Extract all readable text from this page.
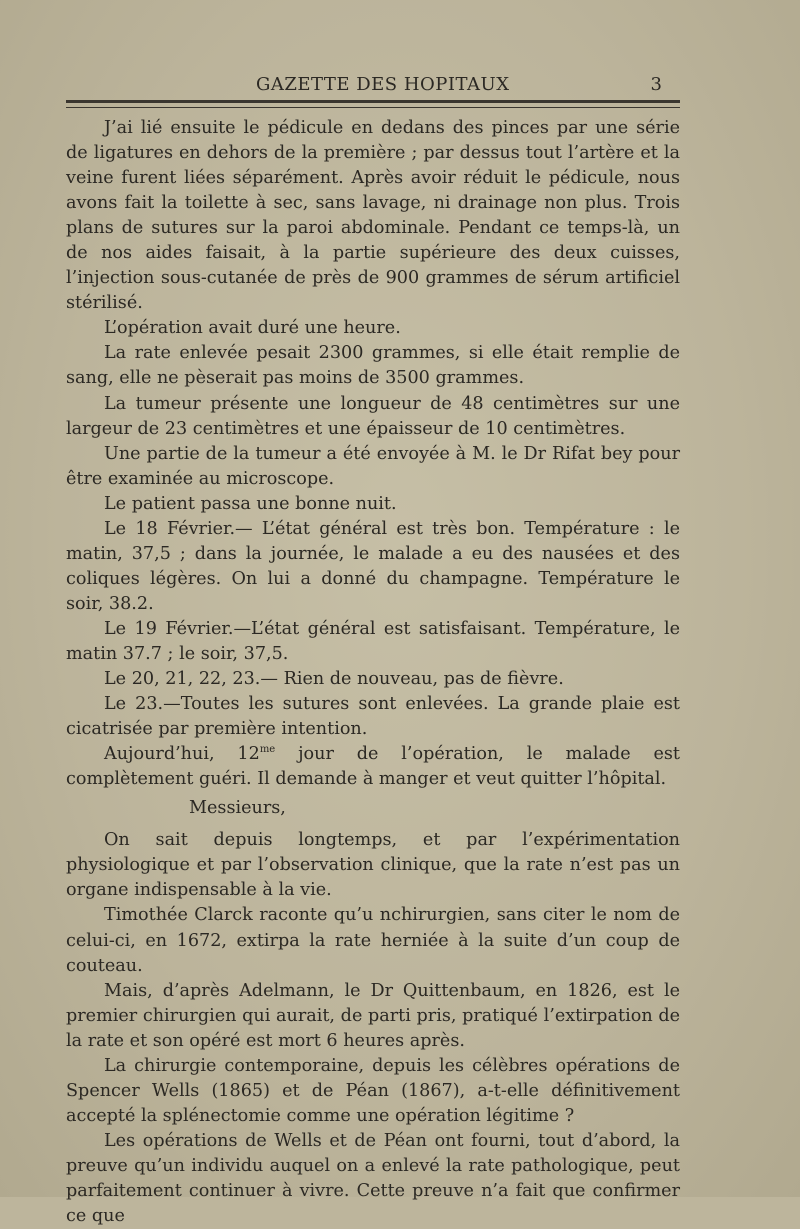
GAZETTE DES HOPITAUX	3

J’ai lié ensuite le pédicule en dedans des pinces par une série de ligatures en dehors de la première ; par dessus tout l’artère et la veine furent liées séparément. Après avoir réduit le pédicule, nous avons fait la toilette à sec, sans lavage, ni drainage non plus. Trois plans de sutures sur la paroi abdominale. Pendant ce temps-là, un de nos aides faisait, à la partie supérieure des deux cuisses, l’injection sous-cutanée de près de 900 grammes de sérum artificiel stérilisé.

L’opération avait duré une heure.

La rate enlevée pesait 2300 grammes, si elle était remplie de sang, elle ne pèserait pas moins de 3500 grammes.

La tumeur présente une longueur de 48 centimètres sur une largeur de 23 centimètres et une épaisseur de 10 centimètres.

Une partie de la tumeur a été envoyée à M. le Dr Rifat bey pour être examinée au microscope.

Le patient passa une bonne nuit.

Le 18 Février.— L’état général est très bon. Température : le matin, 37,5 ; dans la journée, le malade a eu des nausées et des coliques légères. On lui a donné du champagne. Température le soir, 38.2.

Le 19 Février.—L’état général est satisfaisant. Température, le matin 37.7 ; le soir, 37,5.

Le 20, 21, 22, 23.— Rien de nouveau, pas de fièvre.

Le 23.—Toutes les sutures sont enlevées. La grande plaie est cicatrisée par première intention.

Aujourd’hui, $12^{me}$ jour de l’opération, le malade est complètement guéri. Il demande à manger et veut quitter l’hôpital.

Messieurs,

On sait depuis longtemps, et par l’expérimentation physiologique et par l’observation clinique, que la rate n’est pas un organe indispensable à la vie.

Timothée Clarck raconte qu’u nchirurgien, sans citer le nom de celui-ci, en 1672, extirpa la rate herniée à la suite d’un coup de couteau.

Mais, d’après Adelmann, le Dr Quittenbaum, en 1826, est le premier chirurgien qui aurait, de parti pris, pratiqué l’extirpation de la rate et son opéré est mort 6 heures après.

La chirurgie contemporaine, depuis les célèbres opérations de Spencer Wells (1865) et de Péan (1867), a-t-elle définitivement accepté la splénectomie comme une opération légitime ?

Les opérations de Wells et de Péan ont fourni, tout d’abord, la preuve qu’un individu auquel on a enlevé la rate pathologique, peut parfaitement continuer à vivre. Cette preuve n’a fait que confirmer ce que
